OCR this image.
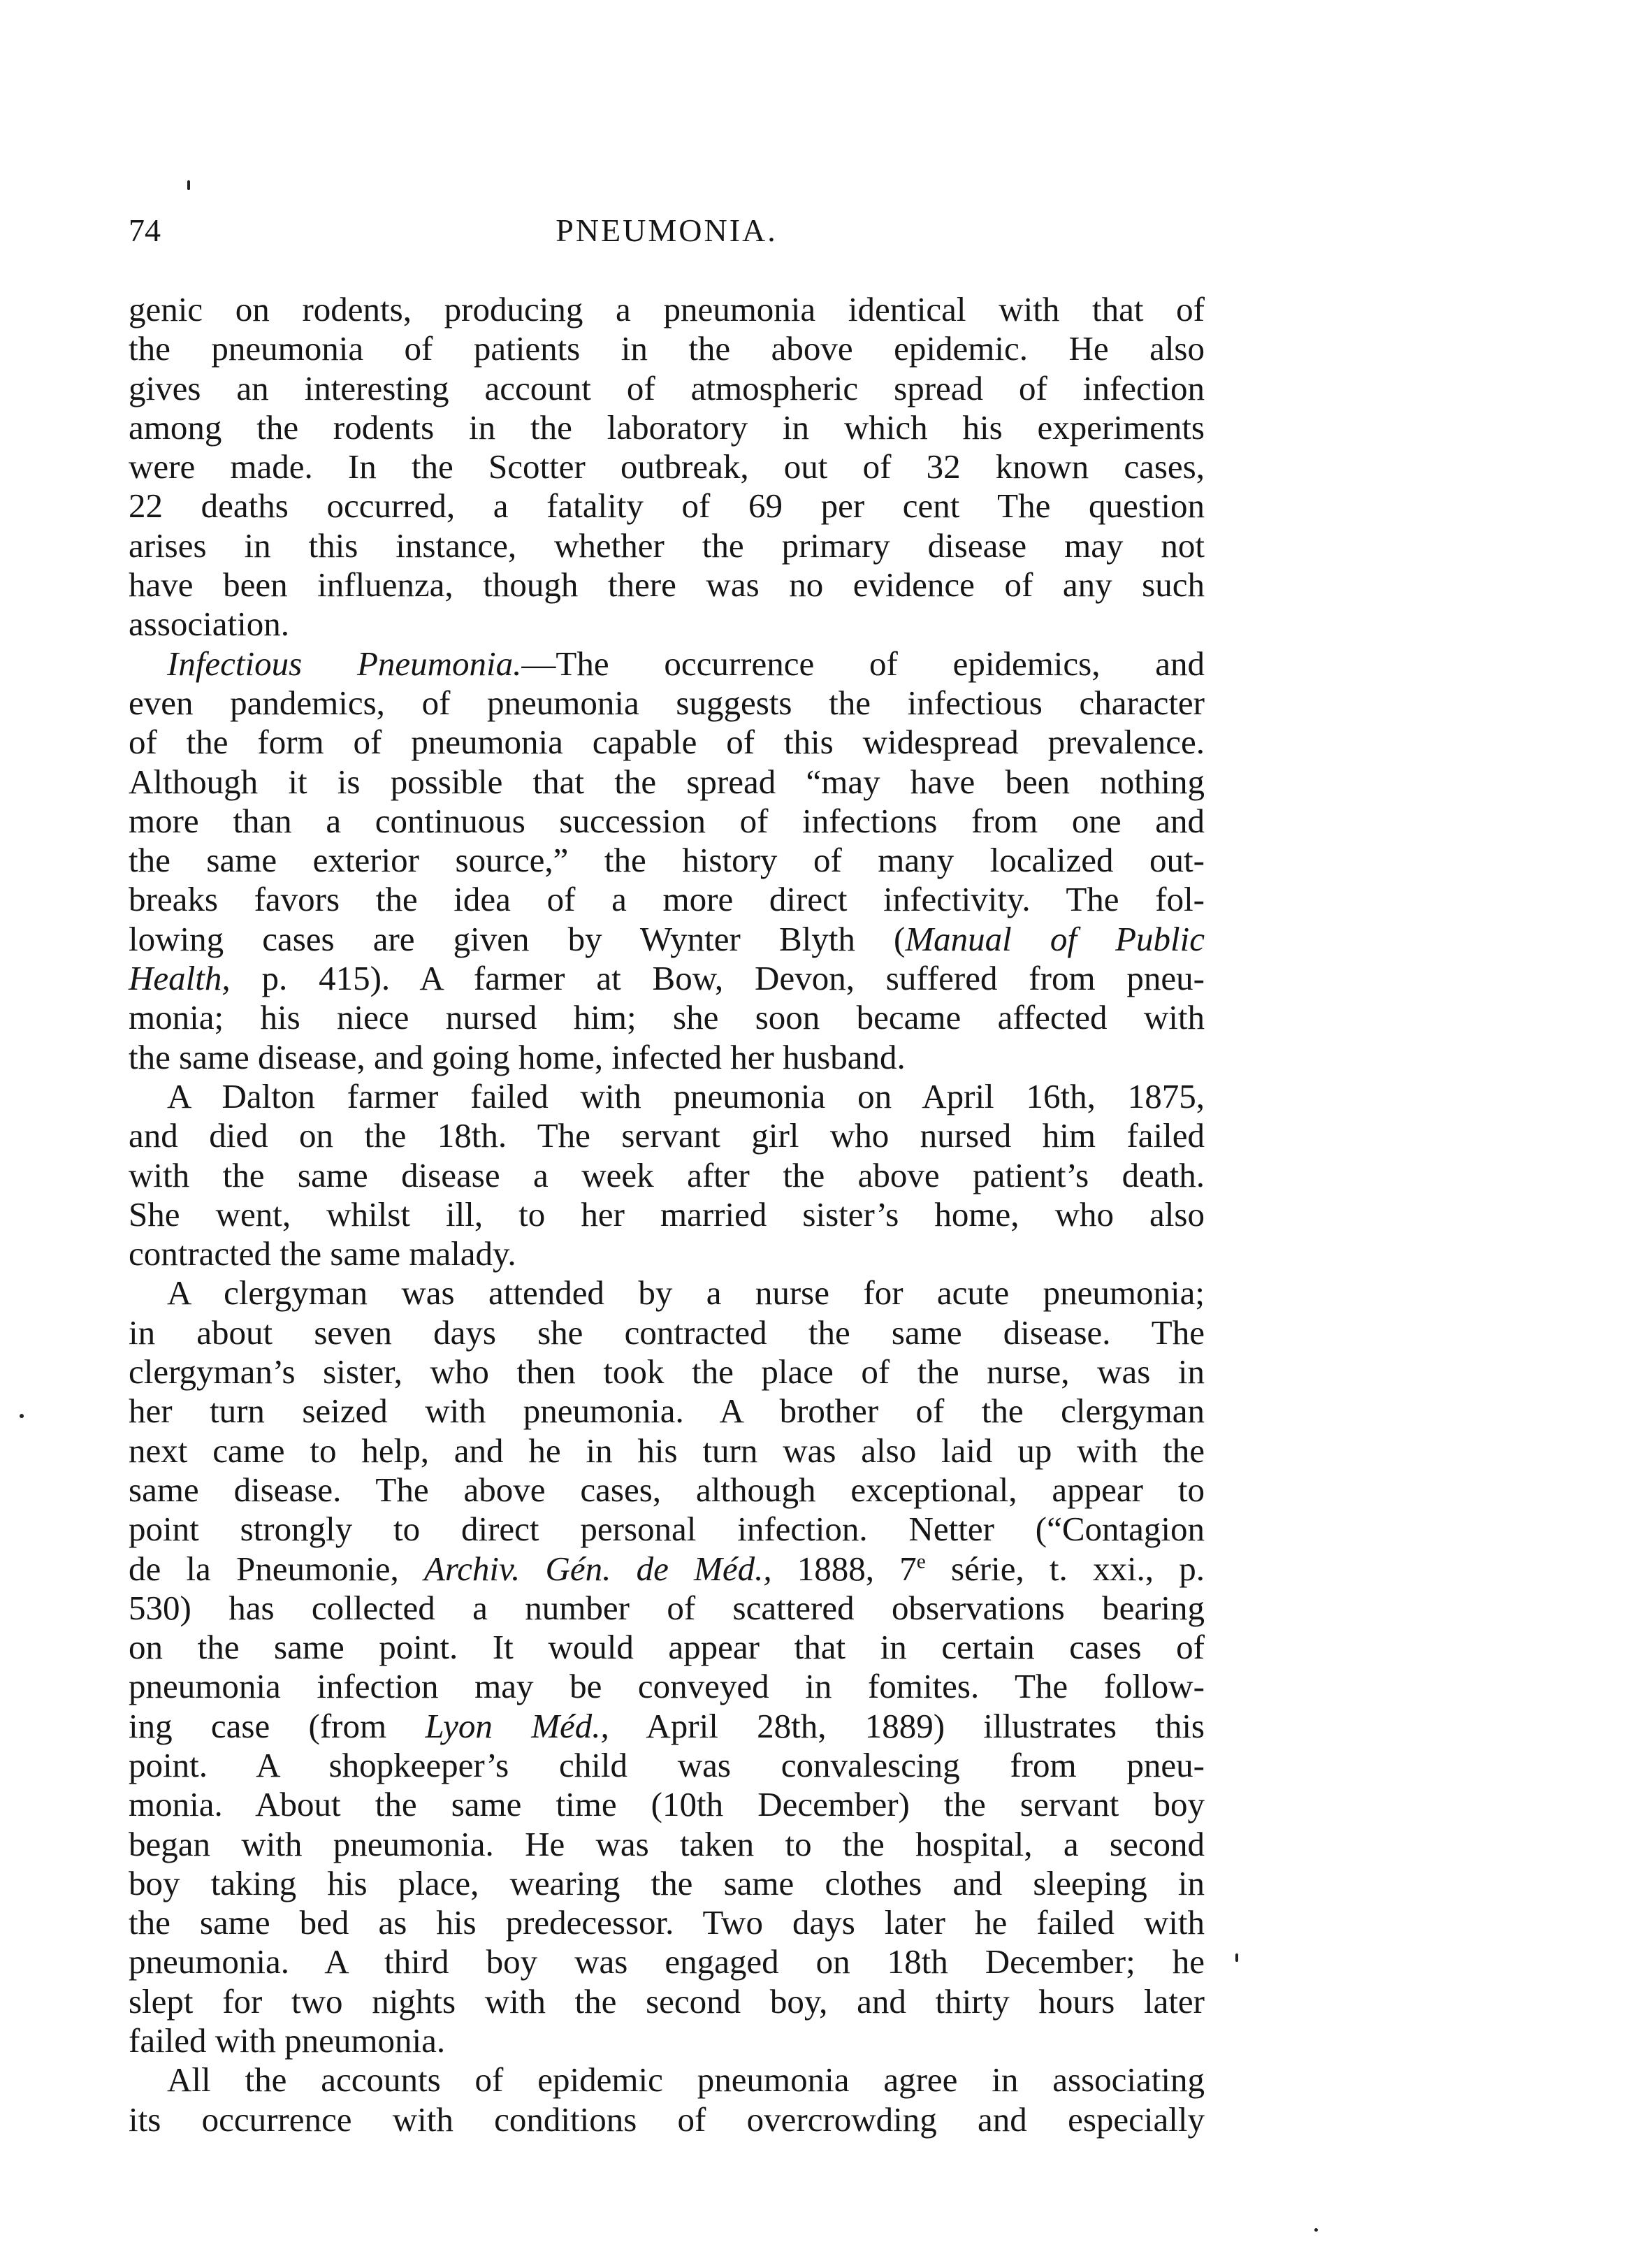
74	PNEUMONIA.
genic on rodents, producing a pneumonia identical with that of
the pneumonia of patients in the above epidemic. He also
gives an interesting account of atmospheric spread of infection
among the rodents in the laboratory in which his experiments
were made. In the Scotter outbreak, out of 32 known cases,
22 deaths occurred, a fatality of 69 per cent The question
arises in this instance, whether the primary disease may not
have been influenza, though there was no evidence of any such
association.
Infectious Pneumonia.—The occurrence of epidemics, and
even pandemics, of pneumonia suggests the infectious character
of the form of pneumonia capable of this widespread prevalence.
Although it is possible that the spread “may have been nothing
more than a continuous succession of infections from one and
the same exterior source,” the history of many localized out-
breaks favors the idea of a more direct infectivity. The fol-
lowing cases are given by Wynter Blyth (Manual of Public
Health, p. 415). A farmer at Bow, Devon, suffered from pneu-
monia; his niece nursed him; she soon became affected with
the same disease, and going home, infected her husband.
A Dalton farmer failed with pneumonia on April 16th, 1875,
and died on the 18th. The servant girl who nursed him failed
with the same disease a week after the above patient’s death.
She went, whilst ill, to her married sister’s home, who also
contracted the same malady.
A clergyman was attended by a nurse for acute pneumonia;
in about seven days she contracted the same disease. The
clergyman’s sister, who then took the place of the nurse, was in
her turn seized with pneumonia. A brother of the clergyman
next came to help, and he in his turn was also laid up with the
same disease. The above cases, although exceptional, appear to
point strongly to direct personal infection. Netter (“Contagion
de la Pneumonie, Archiv. Gén. de Méd., 1888, 7e série, t. xxi., p.
530) has collected a number of scattered observations bearing
on the same point. It would appear that in certain cases of
pneumonia infection may be conveyed in fomites. The follow-
ing case (from Lyon Méd., April 28th, 1889) illustrates this
point. A shopkeeper’s child was convalescing from pneu-
monia. About the same time (10th December) the servant boy
began with pneumonia. He was taken to the hospital, a second
boy taking his place, wearing the same clothes and sleeping in
the same bed as his predecessor. Two days later he failed with
pneumonia. A third boy was engaged on 18th December; he
slept for two nights with the second boy, and thirty hours later
failed with pneumonia.
All the accounts of epidemic pneumonia agree in associating
its occurrence with conditions of overcrowding and especially
